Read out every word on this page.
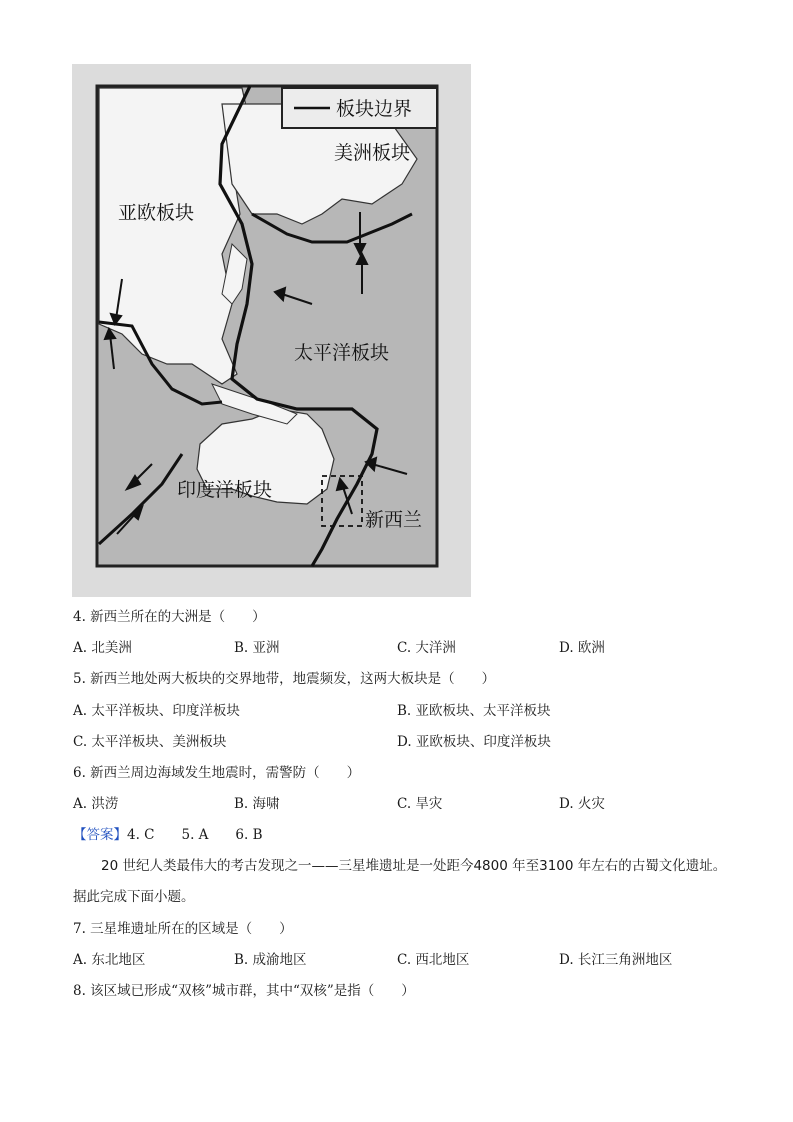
板块边界
美洲板块
亚欧板块
太平洋板块
印度洋板块
新西兰
4. 新西兰所在的大洲是（　　）
A. 北美洲	B. 亚洲	C. 大洋洲	D. 欧洲
5. 新西兰地处两大板块的交界地带，地震频发，这两大板块是（　　）
A. 太平洋板块、印度洋板块	B. 亚欧板块、太平洋板块
C. 太平洋板块、美洲板块	D. 亚欧板块、印度洋板块
6. 新西兰周边海域发生地震时，需警防（　　）
A. 洪涝	B. 海啸	C. 旱灾	D. 火灾
【答案】4. C　　5. A　　6. B
20 世纪人类最伟大的考古发现之一——三星堆遗址是一处距今4800 年至3100 年左右的古蜀文化遗址。
据此完成下面小题。
7. 三星堆遗址所在的区域是（　　）
A. 东北地区	B. 成渝地区	C. 西北地区	D. 长江三角洲地区
8. 该区域已形成“双核”城市群，其中“双核”是指（　　）
